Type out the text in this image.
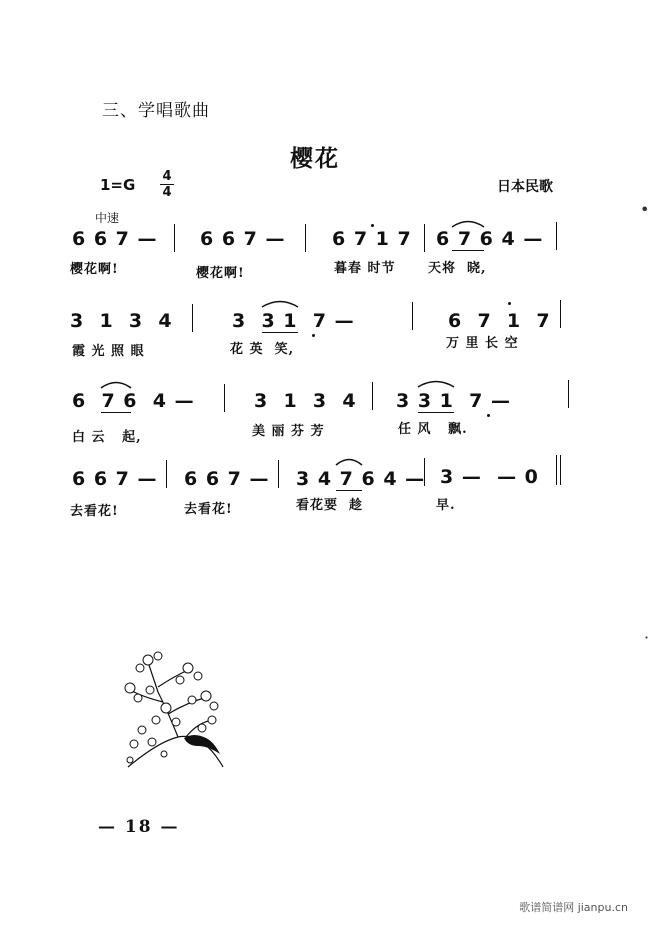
三、学唱歌曲
樱花
1=G 4
4	日本民歌
中速
6 6 7 — 6 6 7 — 6 7 1 7 6 7 6 4 —
樱花啊!	樱花啊!	暮春 时节 天将  晓,
3  1  3  4	3  3 1  7 —	6  7  1  7
霞 光 照 眼	花 英  笑,	万 里 长 空
6  7 6  4 —	3  1  3  4 3 3 1  7 —
白 云   起,	美 丽 芬 芳	任 风   飘.
6 6 7 — 6 6 7 — 3 4 7 6 4 — 3 —  — 0
去看花!	去看花!	看花要  趁	早.
•
·
— 18 —
歌谱简谱网 jianpu.cn
